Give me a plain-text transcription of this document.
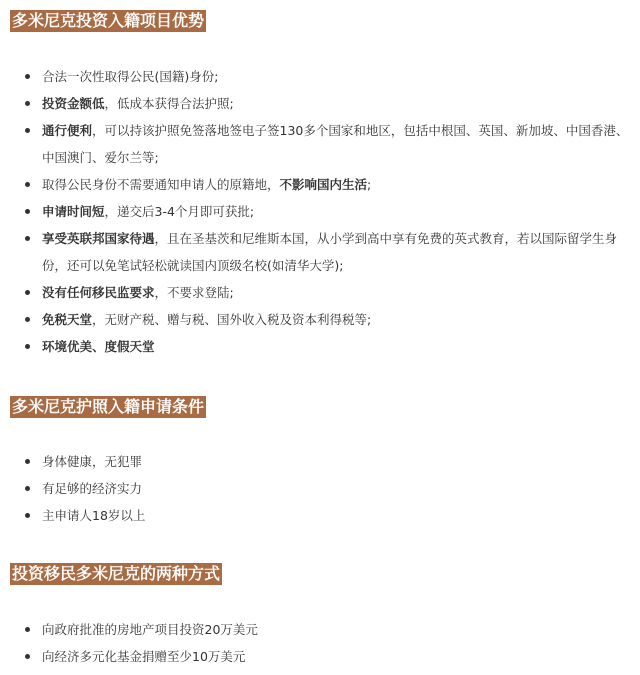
多米尼克投资入籍项目优势
合法一次性取得公民(国籍)身份;
投资金额低，低成本获得合法护照;
通行便利，可以持该护照免签落地签电子签130多个国家和地区，包括中根国、英国、新加坡、中国香港、中国澳门、爱尔兰等;
取得公民身份不需要通知申请人的原籍地，不影响国内生活;
申请时间短，递交后3-4个月即可获批;
享受英联邦国家待遇，且在圣基茨和尼维斯本国，从小学到高中享有免费的英式教育，若以国际留学生身份，还可以免笔试轻松就读国内顶级名校(如清华大学);
没有任何移民监要求，不要求登陆;
免税天堂，无财产税、赠与税、国外收入税及资本利得税等;
环境优美、度假天堂
多米尼克护照入籍申请条件
身体健康，无犯罪
有足够的经济实力
主申请人18岁以上
投资移民多米尼克的两种方式
向政府批准的房地产项目投资20万美元
向经济多元化基金捐赠至少10万美元
